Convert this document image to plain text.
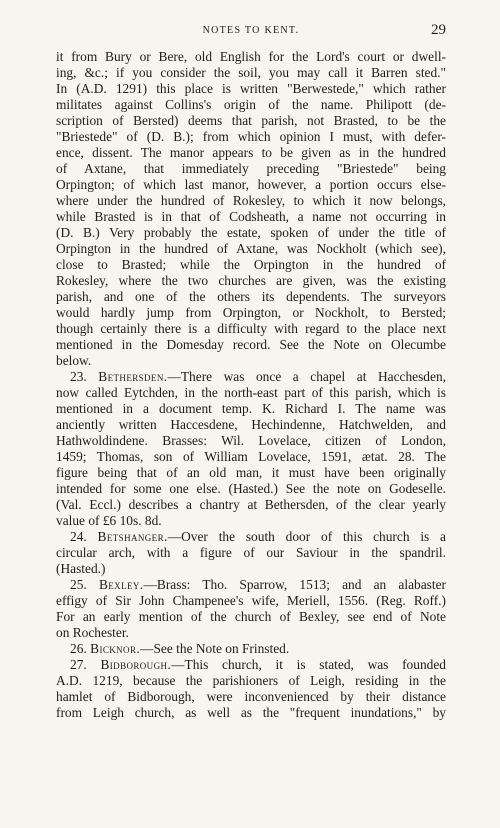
NOTES TO KENT.	29
it from Bury or Bere, old English for the Lord's court or dwell-
ing, &c.; if you consider the soil, you may call it Barren sted."
In (A.D. 1291) this place is written "Berwestede," which rather
militates against Collins's origin of the name. Philipott (de-
scription of Bersted) deems that parish, not Brasted, to be the
"Briestede" of (D. B.); from which opinion I must, with defer-
ence, dissent. The manor appears to be given as in the hundred
of Axtane, that immediately preceding "Briestede" being
Orpington; of which last manor, however, a portion occurs else-
where under the hundred of Rokesley, to which it now belongs,
while Brasted is in that of Codsheath, a name not occurring in
(D. B.) Very probably the estate, spoken of under the title of
Orpington in the hundred of Axtane, was Nockholt (which see),
close to Brasted; while the Orpington in the hundred of
Rokesley, where the two churches are given, was the existing
parish, and one of the others its dependents. The surveyors
would hardly jump from Orpington, or Nockholt, to Bersted;
though certainly there is a difficulty with regard to the place next
mentioned in the Domesday record. See the Note on Olecumbe
below.
23. Bethersden.—There was once a chapel at Hacchesden,
now called Eytchden, in the north-east part of this parish, which is
mentioned in a document temp. K. Richard I. The name was
anciently written Haccesdene, Hechindenne, Hatchwelden, and
Hathwoldindene. Brasses: Wil. Lovelace, citizen of London,
1459; Thomas, son of William Lovelace, 1591, ætat. 28. The
figure being that of an old man, it must have been originally
intended for some one else. (Hasted.) See the note on Godeselle.
(Val. Eccl.) describes a chantry at Bethersden, of the clear yearly
value of £6 10s. 8d.
24. Betshanger.—Over the south door of this church is a
circular arch, with a figure of our Saviour in the spandril.
(Hasted.)
25. Bexley.—Brass: Tho. Sparrow, 1513; and an alabaster
effigy of Sir John Champenee's wife, Meriell, 1556. (Reg. Roff.)
For an early mention of the church of Bexley, see end of Note
on Rochester.
26. Bicknor.—See the Note on Frinsted.
27. Bidborough.—This church, it is stated, was founded
A.D. 1219, because the parishioners of Leigh, residing in the
hamlet of Bidborough, were inconvenienced by their distance
from Leigh church, as well as the "frequent inundations," by
